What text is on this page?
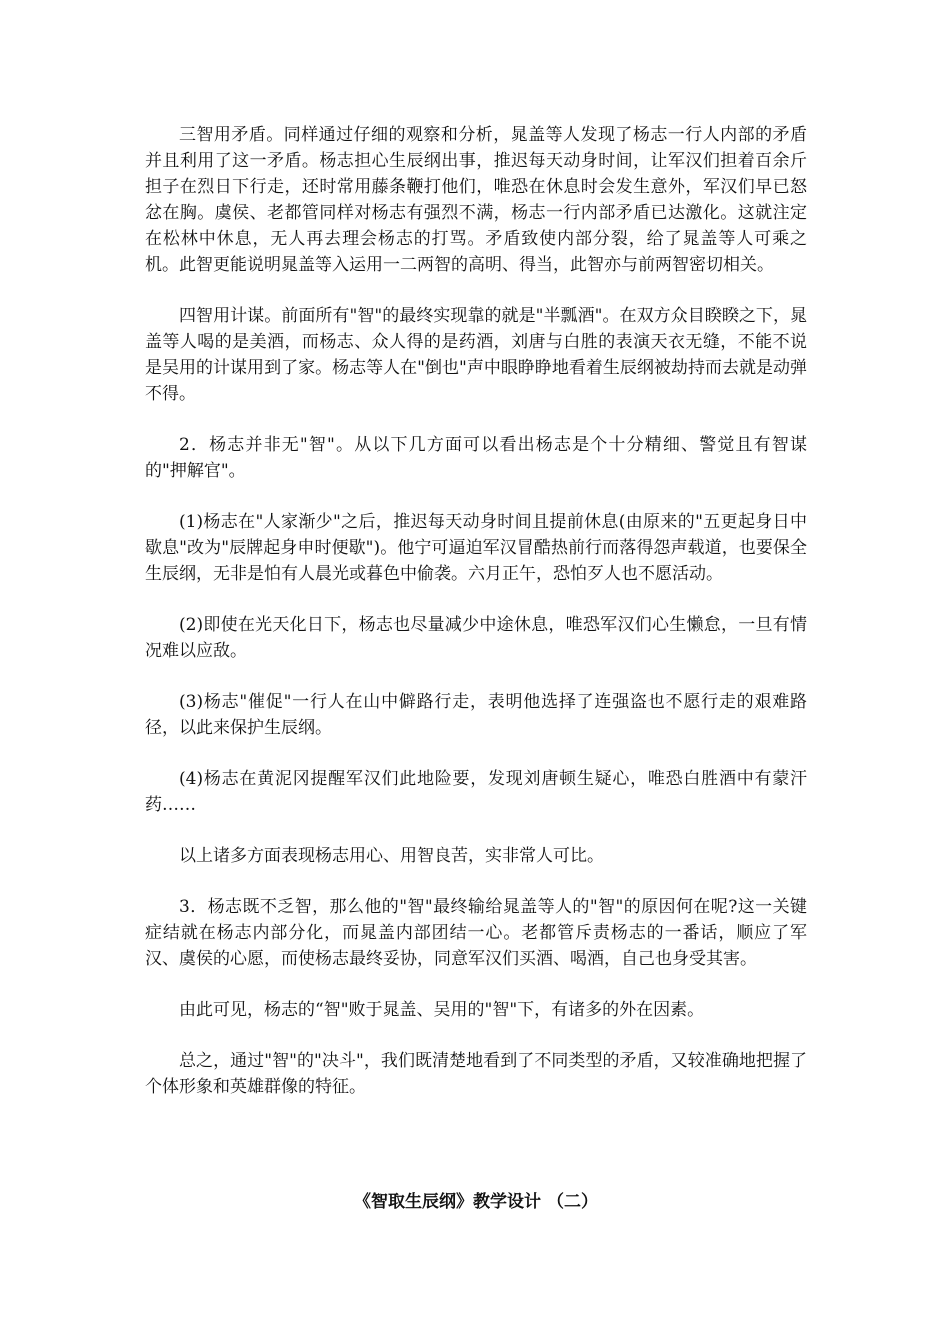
三智用矛盾。同样通过仔细的观察和分析，晁盖等人发现了杨志一行人内部的矛盾并且利用了这一矛盾。杨志担心生辰纲出事，推迟每天动身时间，让军汉们担着百余斤担子在烈日下行走，还时常用藤条鞭打他们，唯恐在休息时会发生意外，军汉们早已怒忿在胸。虞侯、老都管同样对杨志有强烈不满，杨志一行内部矛盾已达激化。这就注定在松林中休息，无人再去理会杨志的打骂。矛盾致使内部分裂，给了晁盖等人可乘之机。此智更能说明晁盖等入运用一二两智的高明、得当，此智亦与前两智密切相关。

四智用计谋。前面所有"智"的最终实现靠的就是"半瓢酒"。在双方众目睽睽之下，晁盖等人喝的是美酒，而杨志、众人得的是药酒，刘唐与白胜的表演天衣无缝，不能不说是吴用的计谋用到了家。杨志等人在"倒也"声中眼睁睁地看着生辰纲被劫持而去就是动弹不得。

2．杨志并非无"智"。从以下几方面可以看出杨志是个十分精细、警觉且有智谋的"押解官"。

(1)杨志在"人家渐少"之后，推迟每天动身时间且提前休息(由原来的"五更起身日中歇息"改为"辰牌起身申时便歇")。他宁可逼迫军汉冒酷热前行而落得怨声载道，也要保全生辰纲，无非是怕有人晨光或暮色中偷袭。六月正午，恐怕歹人也不愿活动。

(2)即使在光天化日下，杨志也尽量减少中途休息，唯恐军汉们心生懒怠，一旦有情况难以应敌。

(3)杨志"催促"一行人在山中僻路行走，表明他选择了连强盗也不愿行走的艰难路径，以此来保护生辰纲。

(4)杨志在黄泥冈提醒军汉们此地险要，发现刘唐顿生疑心，唯恐白胜酒中有蒙汗药……

以上诸多方面表现杨志用心、用智良苦，实非常人可比。

3．杨志既不乏智，那么他的"智"最终输给晁盖等人的"智"的原因何在呢?这一关键症结就在杨志内部分化，而晁盖内部团结一心。老都管斥责杨志的一番话，顺应了军汉、虞侯的心愿，而使杨志最终妥协，同意军汉们买酒、喝酒，自己也身受其害。

由此可见，杨志的“智"败于晁盖、吴用的"智"下，有诸多的外在因素。

总之，通过"智"的"决斗"，我们既清楚地看到了不同类型的矛盾，又较准确地把握了个体形象和英雄群像的特征。

《智取生辰纲》教学设计 （二）
